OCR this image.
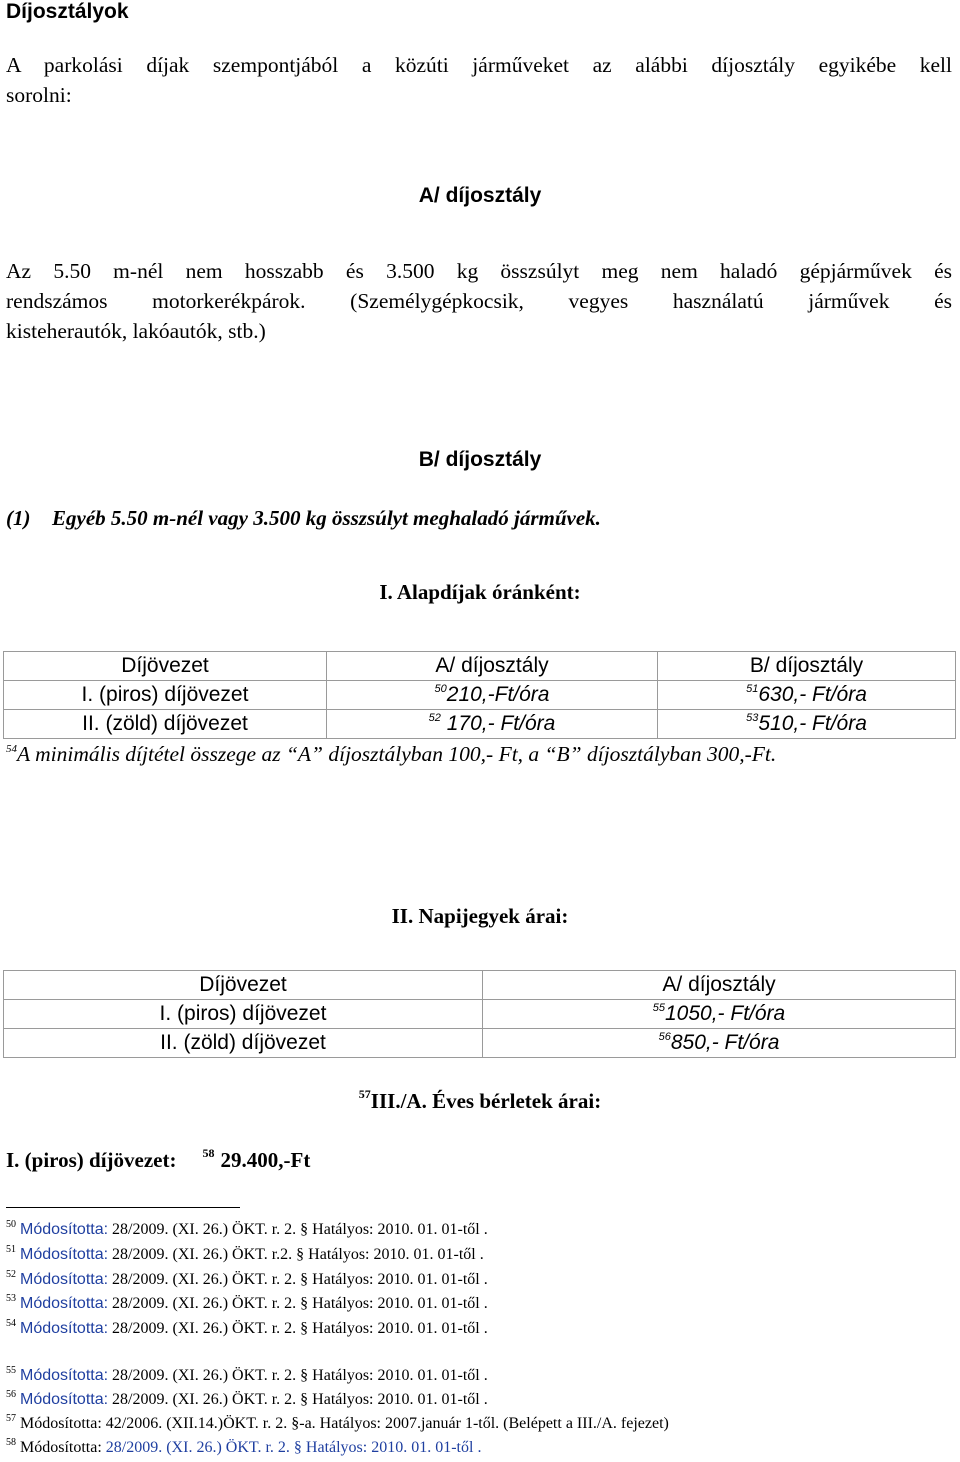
Díjosztályok
A parkolási díjak szempontjából a közúti járműveket az alábbi díjosztály egyikébe kell
sorolni:
A/ díjosztály
Az 5.50 m-nél nem hosszabb és 3.500 kg összsúlyt meg nem haladó gépjárművek és
rendszámos motorkerékpárok. (Személygépkocsik, vegyes használatú járművek és
kisteherautók, lakóautók, stb.)
B/ díjosztály
(1) Egyéb 5.50 m-nél vagy 3.500 kg összsúlyt meghaladó járművek.
I. Alapdíjak óránként:
Díjövezet	A/ díjosztály	B/ díjosztály
I. (piros) díjövezet	$^{50}$210,-Ft/óra	$^{51}$630,- Ft/óra
II. (zöld) díjövezet	$^{52}$ 170,- Ft/óra	$^{53}$510,- Ft/óra
$^{54}$A minimális díjtétel összege az “A” díjosztályban 100,- Ft, a “B” díjosztályban 300,-Ft.
II. Napijegyek árai:
Díjövezet	A/ díjosztály
I. (piros) díjövezet	$^{55}$1050,- Ft/óra
II. (zöld) díjövezet	$^{56}$850,- Ft/óra
$^{57}$III./A. Éves bérletek árai:
I. (piros) díjövezet: $^{58}$ 29.400,-Ft
$^{50}$ Módosította: 28/2009. (XI. 26.) ÖKT. r. 2. § Hatályos: 2010. 01. 01-től .
$^{51}$ Módosította: 28/2009. (XI. 26.) ÖKT. r.2. § Hatályos: 2010. 01. 01-től .
$^{52}$ Módosította: 28/2009. (XI. 26.) ÖKT. r. 2. § Hatályos: 2010. 01. 01-től .
$^{53}$ Módosította: 28/2009. (XI. 26.) ÖKT. r. 2. § Hatályos: 2010. 01. 01-től .
$^{54}$ Módosította: 28/2009. (XI. 26.) ÖKT. r. 2. § Hatályos: 2010. 01. 01-től .
$^{55}$ Módosította: 28/2009. (XI. 26.) ÖKT. r. 2. § Hatályos: 2010. 01. 01-től .
$^{56}$ Módosította: 28/2009. (XI. 26.) ÖKT. r. 2. § Hatályos: 2010. 01. 01-től .
$^{57}$ Módosította: 42/2006. (XII.14.)ÖKT. r. 2. §-a. Hatályos: 2007.január 1-től. (Belépett a III./A. fejezet)
$^{58}$ Módosította: 28/2009. (XI. 26.) ÖKT. r. 2. § Hatályos: 2010. 01. 01-től .
